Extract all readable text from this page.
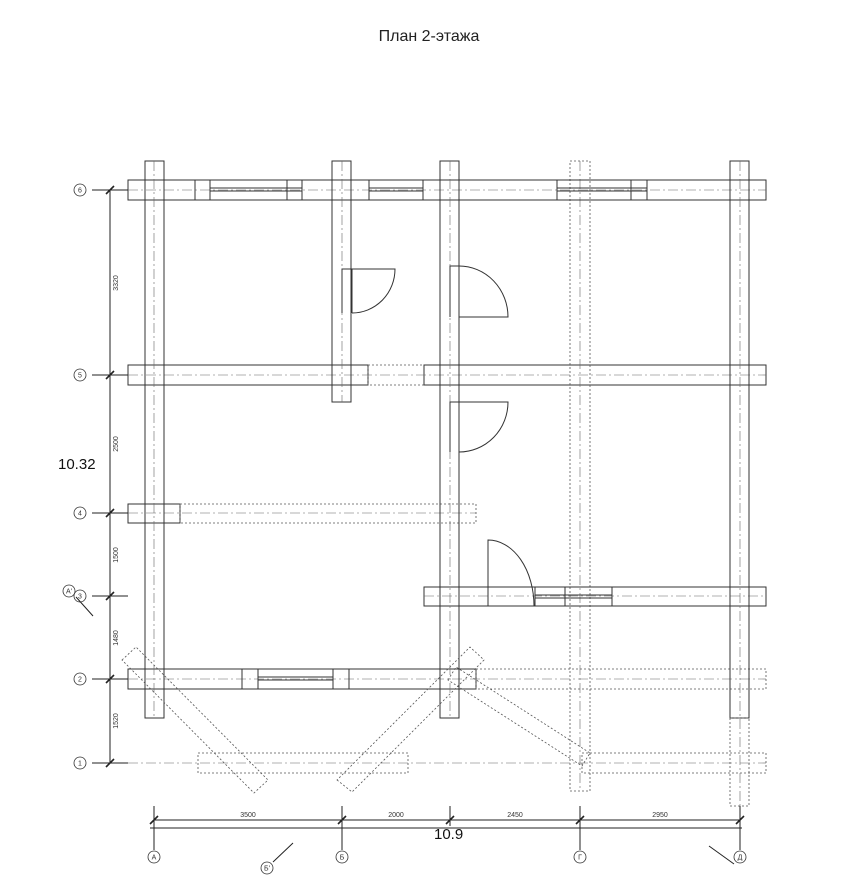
План 2-этажа
10.32
10.9
3320
2500
1500
1480
1520
6
5
4
3
А'
2
1
3500	2000	2450	2950
А
Б'
Б	Г	Д
